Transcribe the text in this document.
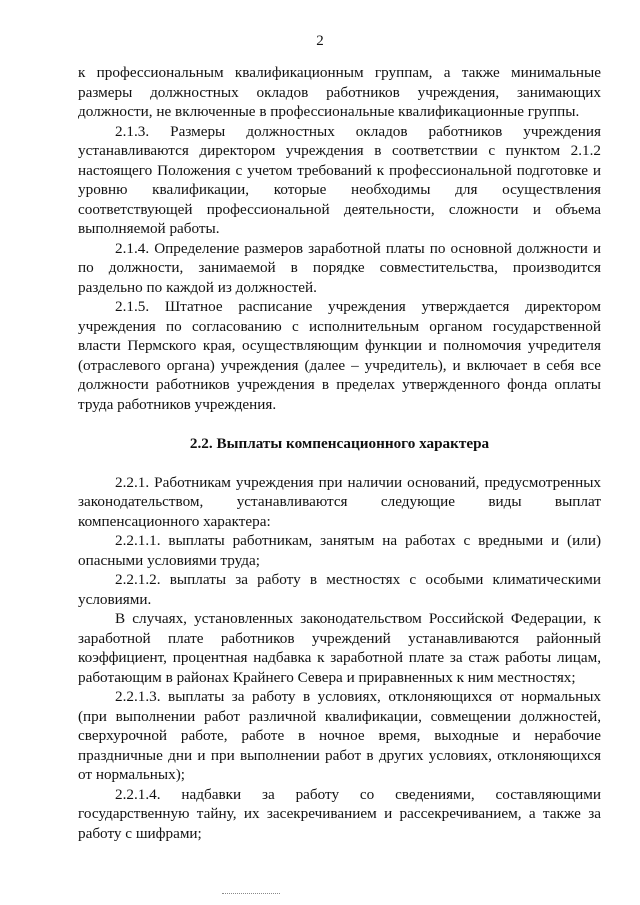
2

к профессиональным квалификационным группам, а также минимальные размеры должностных окладов работников учреждения, занимающих должности, не включенные в профессиональные квалификационные группы.

2.1.3. Размеры должностных окладов работников учреждения устанавливаются директором учреждения в соответствии с пунктом 2.1.2 настоящего Положения с учетом требований к профессиональной подготовке и уровню квалификации, которые необходимы для осуществления соответствующей профессиональной деятельности, сложности и объема выполняемой работы.

2.1.4. Определение размеров заработной платы по основной должности и по должности, занимаемой в порядке совместительства, производится раздельно по каждой из должностей.

2.1.5. Штатное расписание учреждения утверждается директором учреждения по согласованию с исполнительным органом государственной власти Пермского края, осуществляющим функции и полномочия учредителя (отраслевого органа) учреждения (далее – учредитель), и включает в себя все должности работников учреждения в пределах утвержденного фонда оплаты труда работников учреждения.

2.2. Выплаты компенсационного характера

2.2.1. Работникам учреждения при наличии оснований, предусмотренных законодательством, устанавливаются следующие виды выплат компенсационного характера:

2.2.1.1. выплаты работникам, занятым на работах с вредными и (или) опасными условиями труда;

2.2.1.2. выплаты за работу в местностях с особыми климатическими условиями.

В случаях, установленных законодательством Российской Федерации, к заработной плате работников учреждений устанавливаются районный коэффициент, процентная надбавка к заработной плате за стаж работы лицам, работающим в районах Крайнего Севера и приравненных к ним местностях;

2.2.1.3. выплаты за работу в условиях, отклоняющихся от нормальных (при выполнении работ различной квалификации, совмещении должностей, сверхурочной работе, работе в ночное время, выходные и нерабочие праздничные дни и при выполнении работ в других условиях, отклоняющихся от нормальных);

2.2.1.4. надбавки за работу со сведениями, составляющими государственную тайну, их засекречиванием и рассекречиванием, а также за работу с шифрами;
